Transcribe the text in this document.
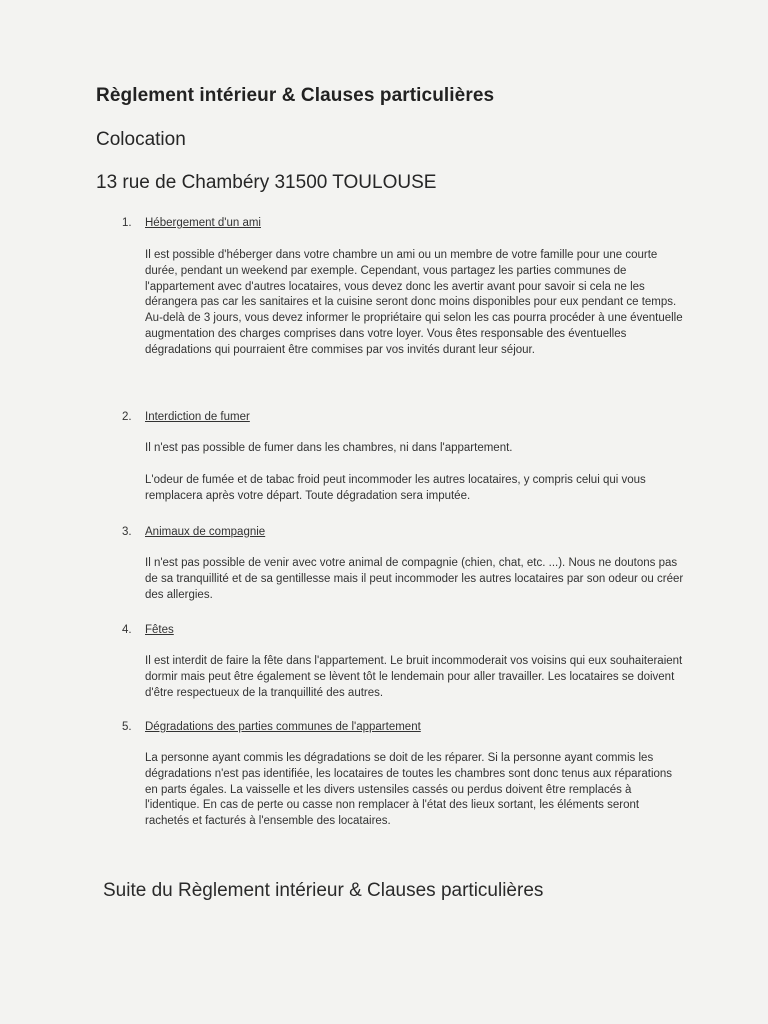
Règlement intérieur & Clauses particulières
Colocation
13 rue de Chambéry 31500 TOULOUSE
1. Hébergement d'un ami

Il est possible d'héberger dans votre chambre un ami ou un membre de votre famille pour une courte durée, pendant un weekend par exemple. Cependant, vous partagez les parties communes de l'appartement avec d'autres locataires, vous devez donc les avertir avant pour savoir si cela ne les dérangera pas car les sanitaires et la cuisine seront donc moins disponibles pour eux pendant ce temps. Au-delà de 3 jours, vous devez informer le propriétaire qui selon les cas pourra procéder à une éventuelle augmentation des charges comprises dans votre loyer. Vous êtes responsable des éventuelles dégradations qui pourraient être commises par vos invités durant leur séjour.

2. Interdiction de fumer

Il n'est pas possible de fumer dans les chambres, ni dans l'appartement.

L'odeur de fumée et de tabac froid peut incommoder les autres locataires, y compris celui qui vous remplacera après votre départ. Toute dégradation sera imputée.

3. Animaux de compagnie

Il n'est pas possible de venir avec votre animal de compagnie (chien, chat, etc. ...). Nous ne doutons pas de sa tranquillité et de sa gentillesse mais il peut incommoder les autres locataires par son odeur ou créer des allergies.

4. Fêtes

Il est interdit de faire la fête dans l'appartement. Le bruit incommoderait vos voisins qui eux souhaiteraient dormir mais peut être également se lèvent tôt le lendemain pour aller travailler. Les locataires se doivent d'être respectueux de la tranquillité des autres.

5. Dégradations des parties communes de l'appartement

La personne ayant commis les dégradations se doit de les réparer. Si la personne ayant commis les dégradations n'est pas identifiée, les locataires de toutes les chambres sont donc tenus aux réparations en parts égales. La vaisselle et les divers ustensiles cassés ou perdus doivent être remplacés à l'identique. En cas de perte ou casse non remplacer à l'état des lieux sortant, les éléments seront rachetés et facturés à l'ensemble des locataires.

Suite du Règlement intérieur & Clauses particulières
